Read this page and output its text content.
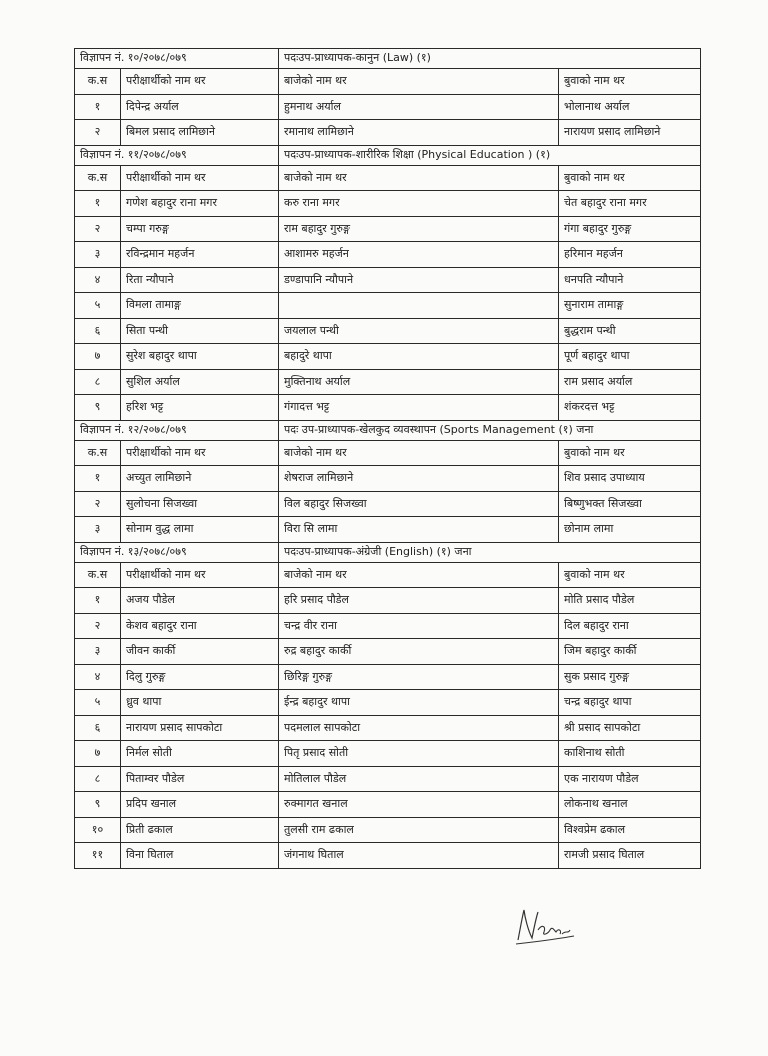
विज्ञापन नं. १०/२०७८/०७९		पदःउप-प्राध्यापक-कानुन (Law) (१)	
क.स	परीक्षार्थीको नाम थर	बाजेको नाम थर	बुवाको नाम थर
१	दिपेन्द्र अर्याल	हुमनाथ अर्याल	भोलानाथ अर्याल
२	बिमल प्रसाद लामिछाने	रमानाथ लामिछाने	नारायण प्रसाद लामिछाने
विज्ञापन नं. ११/२०७८/०७९		पदःउप-प्राध्यापक-शारीरिक शिक्षा (Physical Education ) (१)	
क.स	परीक्षार्थीको नाम थर	बाजेको नाम थर	बुवाको नाम थर
१	गणेश बहादुर राना मगर	करु राना मगर	चेत बहादुर राना मगर
२	चम्पा गरुङ्ग	राम बहादुर गुरुङ्ग	गंगा बहादुर गुरुङ्ग
३	रविन्द्रमान महर्जन	आशामरु महर्जन	हरिमान महर्जन
४	रिता न्यौपाने	डण्डापानि न्यौपाने	धनपति न्यौपाने
५	विमला तामाङ्ग		सुनाराम तामाङ्ग
६	सिता पन्थी	जयलाल पन्थी	बुद्धराम पन्थी
७	सुरेश बहादुर थापा	बहादुरे थापा	पूर्ण बहादुर थापा
८	सुशिल अर्याल	मुक्तिनाथ अर्याल	राम प्रसाद अर्याल
९	हरिश भट्ट	गंगादत्त भट्ट	शंकरदत्त भट्ट
विज्ञापन नं. १२/२०७८/०७९		पदः उप-प्राध्यापक-खेलकुद व्यवस्थापन (Sports Management (१) जना	
क.स	परीक्षार्थीको नाम थर	बाजेको नाम थर	बुवाको नाम थर
१	अच्युत लामिछाने	शेषराज लामिछाने	शिव प्रसाद उपाध्याय
२	सुलोचना सिजख्वा	विल बहादुर सिजख्वा	बिष्णुभक्त सिजख्वा
३	सोनाम वुद्ध लामा	विरा सि लामा	छोनाम लामा
विज्ञापन नं. १३/२०७८/०७९		पदःउप-प्राध्यापक-अंग्रेजी (English) (१) जना	
क.स	परीक्षार्थीको नाम थर	बाजेको नाम थर	बुवाको नाम थर
१	अजय पौडेल	हरि प्रसाद पौडेल	मोति प्रसाद पौडेल
२	केशव बहादुर राना	चन्द्र वीर राना	दिल बहादुर राना
३	जीवन कार्की	रुद्र बहादुर कार्की	जिम बहादुर कार्की
४	दिलु गुरुङ्ग	छिरिङ्ग गुरुङ्ग	सुक प्रसाद गुरुङ्ग
५	ध्रुव थापा	ईन्द्र बहादुर थापा	चन्द्र बहादुर थापा
६	नारायण प्रसाद सापकोटा	पदमलाल सापकोटा	श्री प्रसाद सापकोटा
७	निर्मल सोती	पितृ प्रसाद सोती	काशिनाथ सोती
८	पिताम्वर पौडेल	मोतिलाल पौडेल	एक नारायण पौडेल
९	प्रदिप खनाल	रुक्मागत खनाल	लोकनाथ खनाल
१०	प्रिती ढकाल	तुलसी राम ढकाल	विश्वप्रेम ढकाल
११	विना घिताल	जंगनाथ घिताल	रामजी प्रसाद घिताल
